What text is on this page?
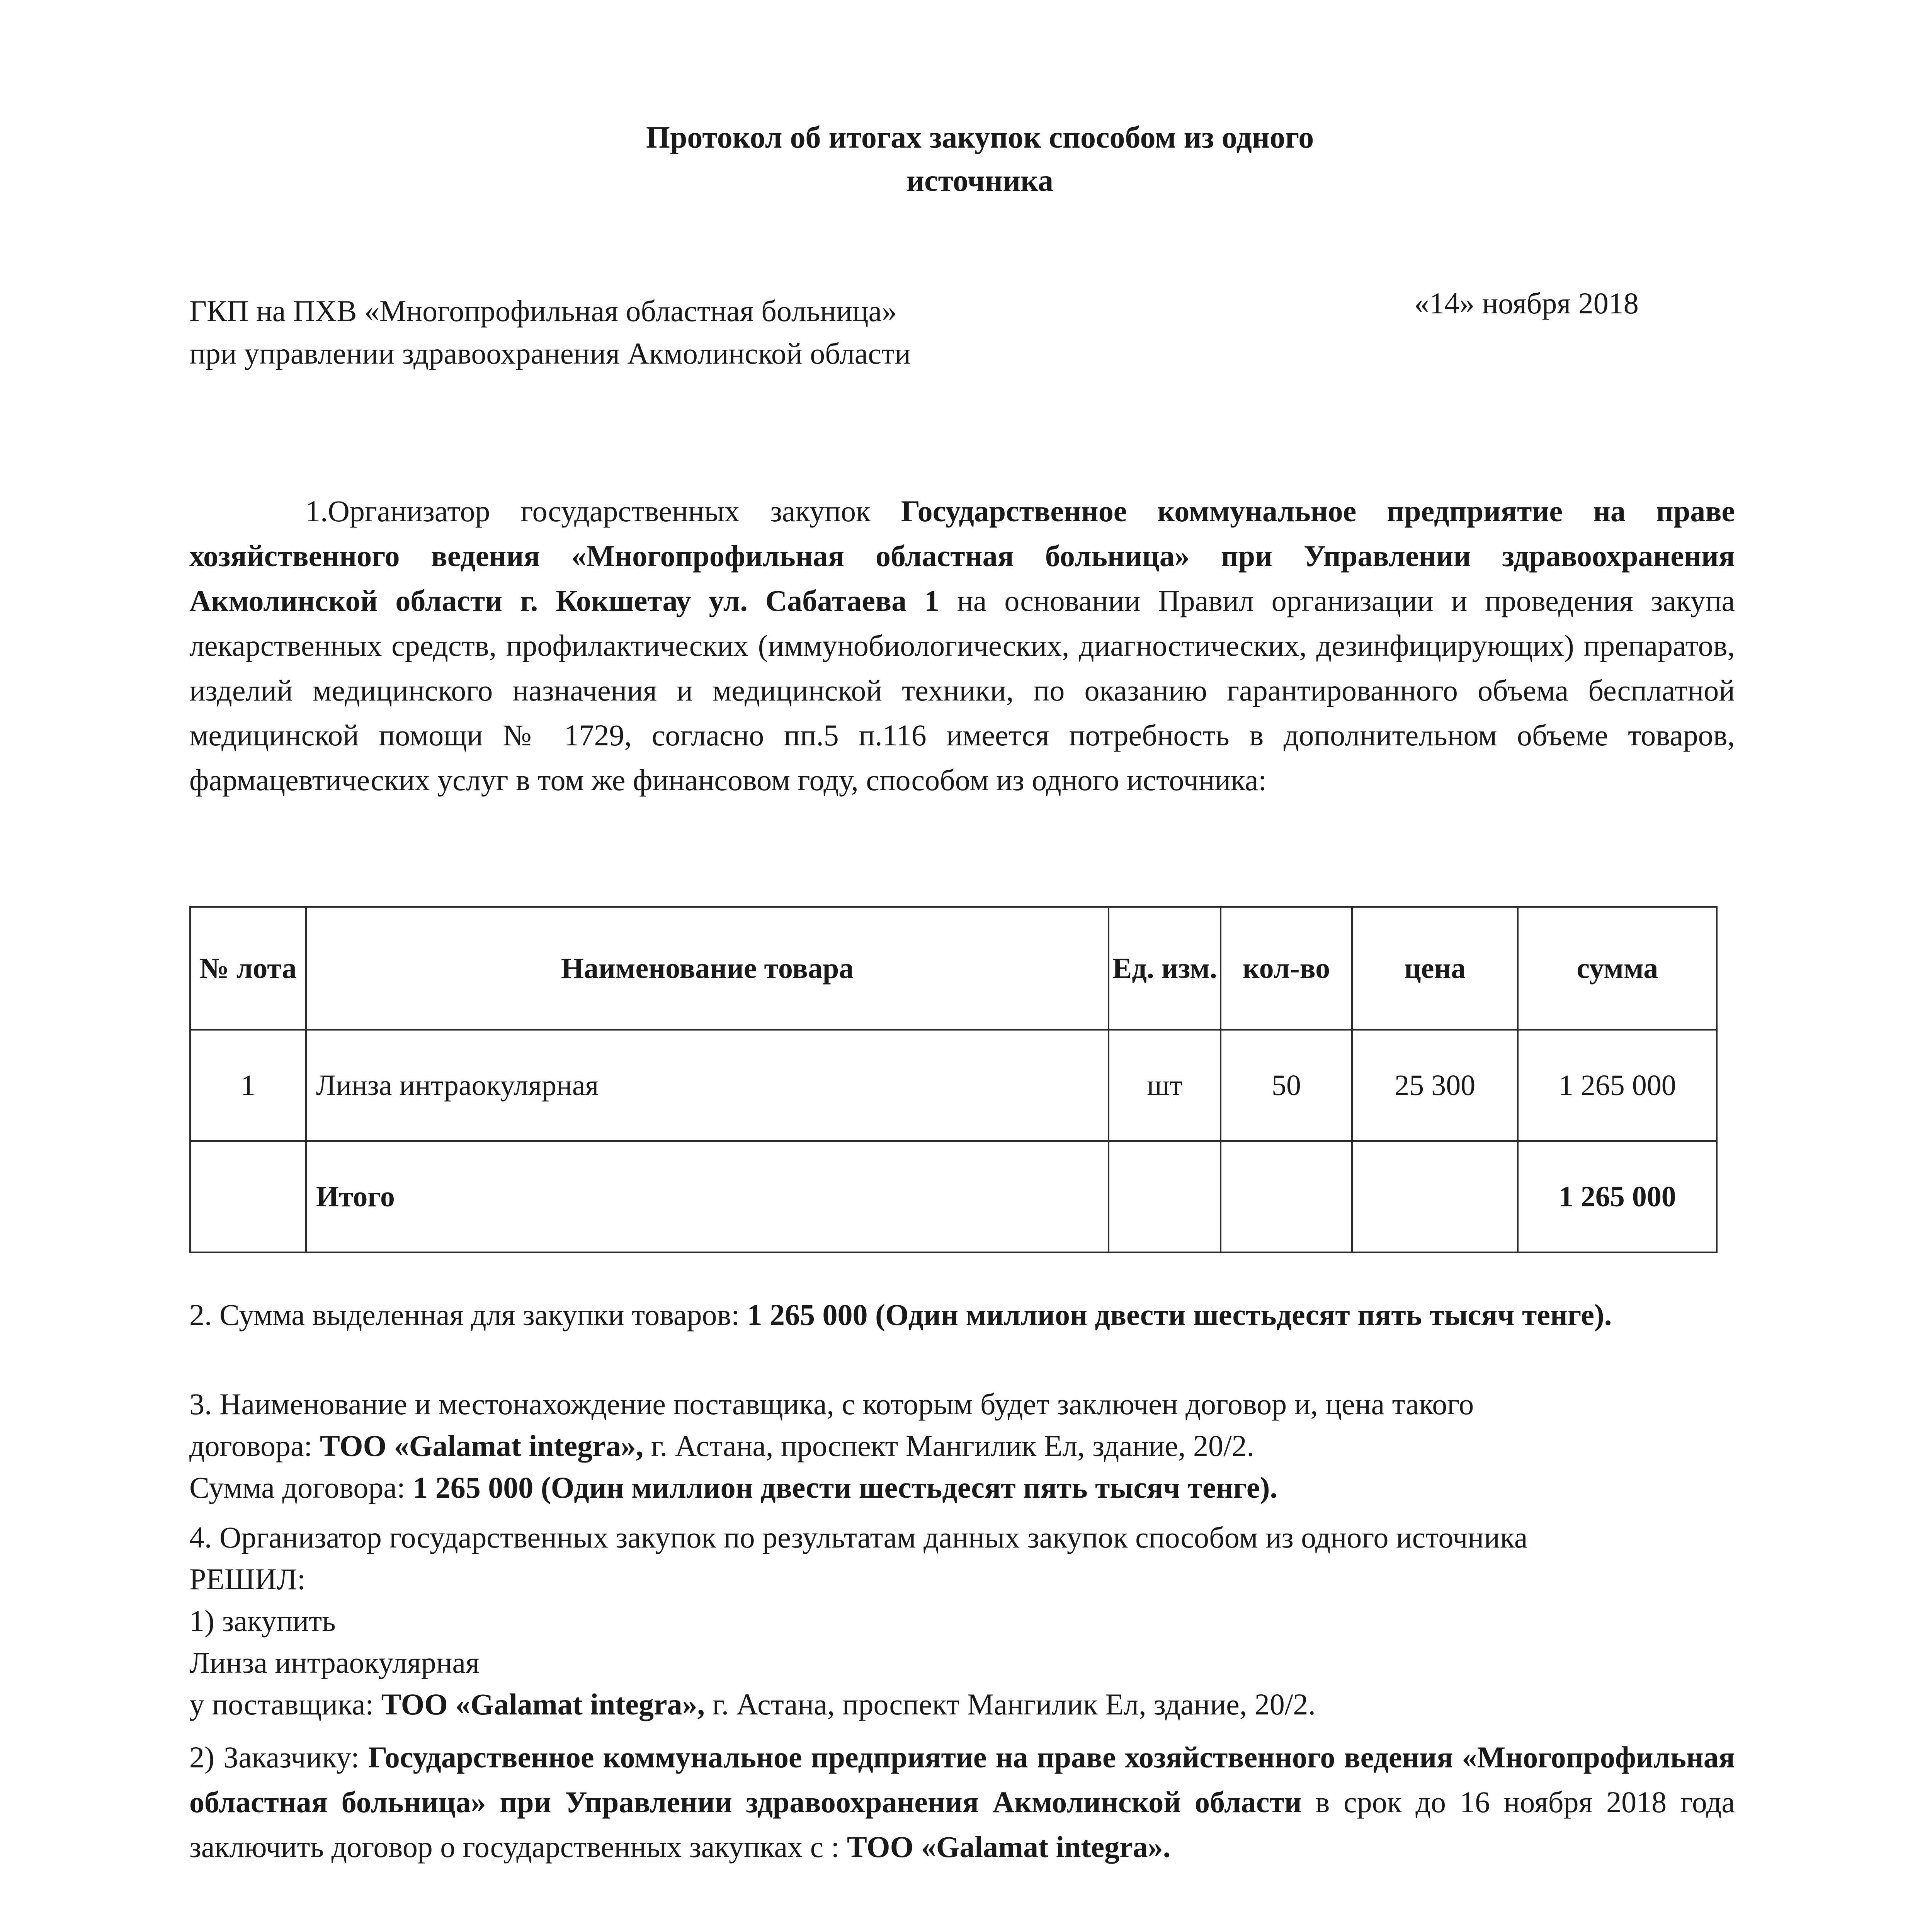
Протокол об итогах закупок способом из одного
источника
ГКП на ПХВ «Многопрофильная областная больница»
при управлении здравоохранения Акмолинской области
«14» ноября 2018
1.Организатор государственных закупок Государственное коммунальное предприятие на праве хозяйственного ведения «Многопрофильная областная больница» при Управлении здравоохранения Акмолинской области г. Кокшетау ул. Сабатаева 1 на основании Правил организации и проведения закупа лекарственных средств, профилактических (иммунобиологических, диагностических, дезинфицирующих) препаратов, изделий медицинского назначения и медицинской техники, по оказанию гарантированного объема бесплатной медицинской помощи № 1729, согласно пп.5 п.116 имеется потребность в дополнительном объеме товаров, фармацевтических услуг в том же финансовом году, способом из одного источника:
№ лота	Наименование товара	Ед. изм.	кол-во	цена	сумма
1	Линза интраокулярная	шт	50	25 300	1 265 000
	Итого				1 265 000
2. Сумма выделенная для закупки товаров: 1 265 000 (Один миллион двести шестьдесят пять тысяч тенге).
3. Наименование и местонахождение поставщика, с которым будет заключен договор и, цена такого
договора: ТОО «Galamat integra», г. Астана, проспект Мангилик Ел, здание, 20/2.
Сумма договора: 1 265 000 (Один миллион двести шестьдесят пять тысяч тенге).
4. Организатор государственных закупок по результатам данных закупок способом из одного источника
РЕШИЛ:
1) закупить
Линза интраокулярная
у поставщика: ТОО «Galamat integra», г. Астана, проспект Мангилик Ел, здание, 20/2.
2) Заказчику: Государственное коммунальное предприятие на праве хозяйственного ведения «Многопрофильная областная больница» при Управлении здравоохранения Акмолинской области в срок до 16 ноября 2018 года заключить договор о государственных закупках с : ТОО «Galamat integra».
